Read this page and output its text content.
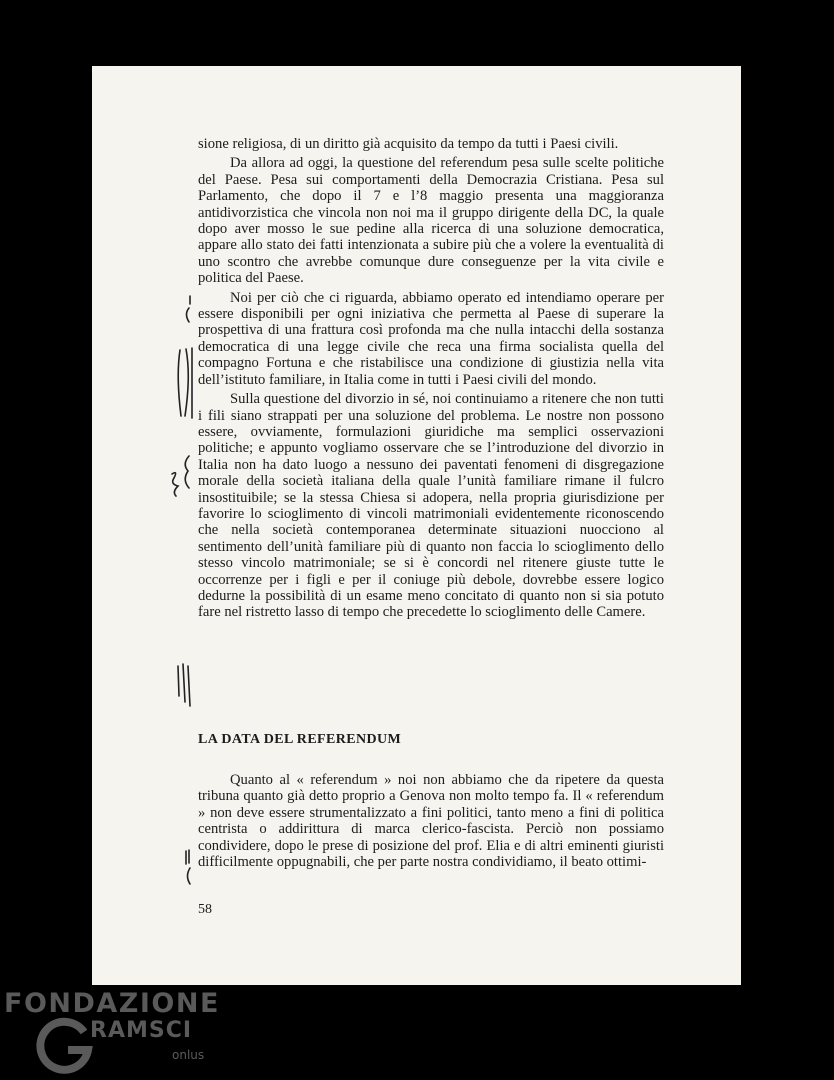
sione religiosa, di un diritto già acquisito da tempo da tutti i Paesi civili.

Da allora ad oggi, la questione del referendum pesa sulle scelte politiche del Paese. Pesa sui comportamenti della Democrazia Cristiana. Pesa sul Parlamento, che dopo il 7 e l’8 maggio presenta una maggioranza antidivorzistica che vincola non noi ma il gruppo dirigente della DC, la quale dopo aver mosso le sue pedine alla ricerca di una soluzione democratica, appare allo stato dei fatti intenzionata a subire più che a volere la eventualità di uno scontro che avrebbe comunque dure conseguenze per la vita civile e politica del Paese.

Noi per ciò che ci riguarda, abbiamo operato ed intendiamo operare per essere disponibili per ogni iniziativa che permetta al Paese di superare la prospettiva di una frattura così profonda ma che nulla intacchi della sostanza democratica di una legge civile che reca una firma socialista quella del compagno Fortuna e che ristabilisce una condizione di giustizia nella vita dell’istituto familiare, in Italia come in tutti i Paesi civili del mondo.

Sulla questione del divorzio in sé, noi continuiamo a ritenere che non tutti i fili siano strappati per una soluzione del problema. Le nostre non possono essere, ovviamente, formulazioni giuridiche ma semplici osservazioni politiche; e appunto vogliamo osservare che se l’introduzione del divorzio in Italia non ha dato luogo a nessuno dei paventati fenomeni di disgregazione morale della società italiana della quale l’unità familiare rimane il fulcro insostituibile; se la stessa Chiesa si adopera, nella propria giurisdizione per favorire lo scioglimento di vincoli matrimoniali evidentemente riconoscendo che nella società contemporanea determinate situazioni nuocciono al sentimento dell’unità familiare più di quanto non faccia lo scioglimento dello stesso vincolo matrimoniale; se si è concordi nel ritenere giuste tutte le occorrenze per i figli e per il coniuge più debole, dovrebbe essere logico dedurne la possibilità di un esame meno concitato di quanto non si sia potuto fare nel ristretto lasso di tempo che precedette lo scioglimento delle Camere.

LA DATA DEL REFERENDUM

Quanto al « referendum » noi non abbiamo che da ripetere da questa tribuna quanto già detto proprio a Genova non molto tempo fa. Il « referendum » non deve essere strumentalizzato a fini politici, tanto meno a fini di politica centrista o addirittura di marca clerico-fascista. Perciò non possiamo condividere, dopo le prese di posizione del prof. Elia e di altri eminenti giuristi difficilmente oppugnabili, che per parte nostra condividiamo, il beato ottimi-

58
FONDAZIONE
RAMSCI
onlus
